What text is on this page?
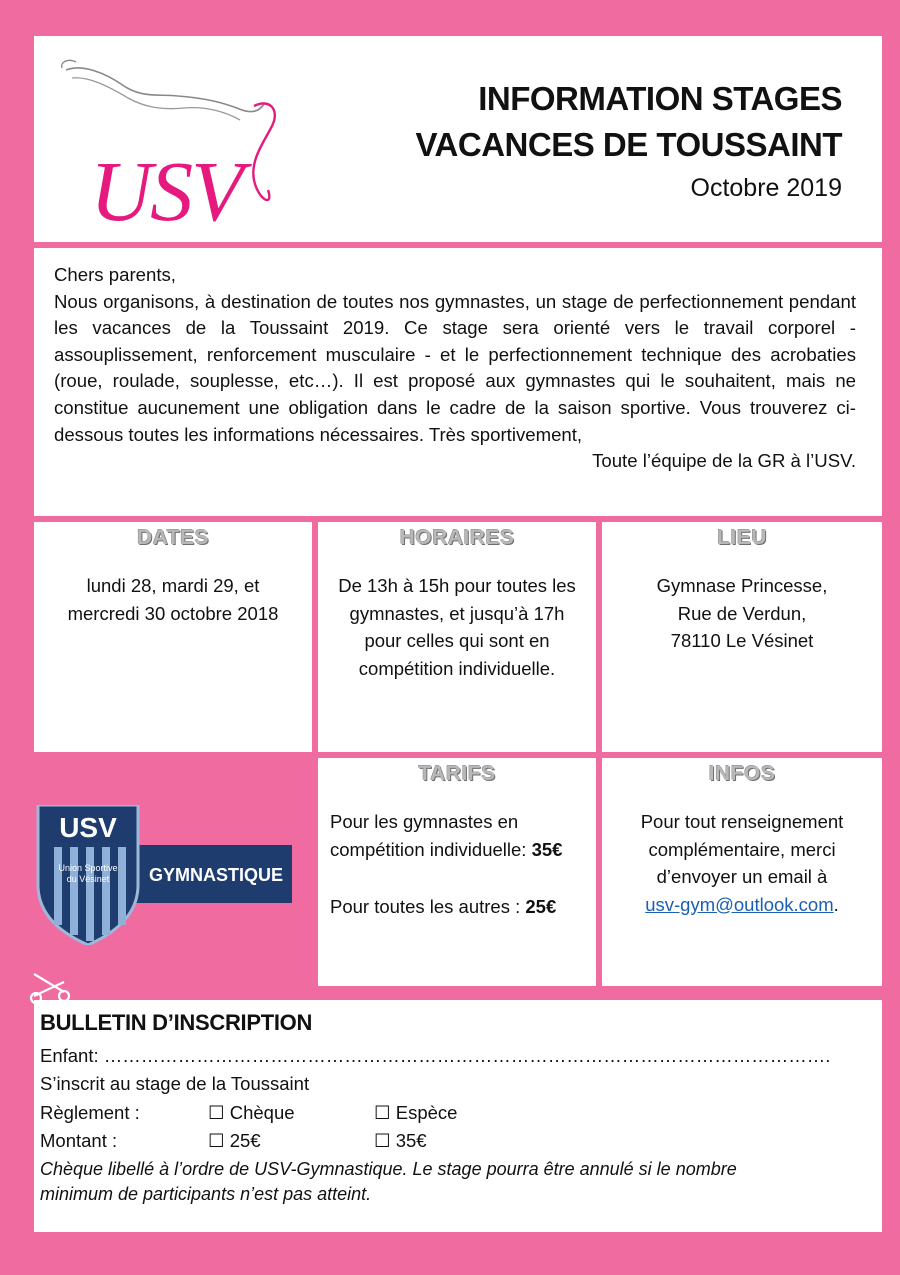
USV
INFORMATION STAGES
VACANCES DE TOUSSAINT
Octobre 2019

Chers parents,

Nous organisons, à destination de toutes nos gymnastes, un stage de perfectionnement pendant les vacances de la Toussaint 2019. Ce stage sera orienté vers le travail corporel - assouplissement, renforcement musculaire - et le perfectionnement technique des acrobaties (roue, roulade, souplesse, etc…). Il est proposé aux gymnastes qui le souhaitent, mais ne constitue aucunement une obligation dans le cadre de la saison sportive. Vous trouverez ci-dessous toutes les informations nécessaires. Très sportivement,

Toute l’équipe de la GR à l’USV.

DATES
lundi 28, mardi 29, et
mercredi 30 octobre 2018
HORAIRES
De 13h à 15h pour toutes les
gymnastes, et jusqu’à 17h
pour celles qui sont en
compétition individuelle.
LIEU
Gymnase Princesse,
Rue de Verdun,
78110 Le Vésinet
USV
Union Sportive
du Vésinet GYMNASTIQUE
TARIFS
Pour les gymnastes en
compétition individuelle: 35€
Pour toutes les autres : 25€
INFOS
Pour tout renseignement
complémentaire, merci
d’envoyer un email à
usv-gym@outlook.com.
BULLETIN D’INSCRIPTION
Enfant: ……………………………………………………………………………………………………….
S’inscrit au stage de la Toussaint
Règlement :	☐ Chèque	☐ Espèce
Montant :	☐ 25€	☐ 35€
Chèque libellé à l’ordre de USV-Gymnastique. Le stage pourra être annulé si le nombre
minimum de participants n’est pas atteint.
